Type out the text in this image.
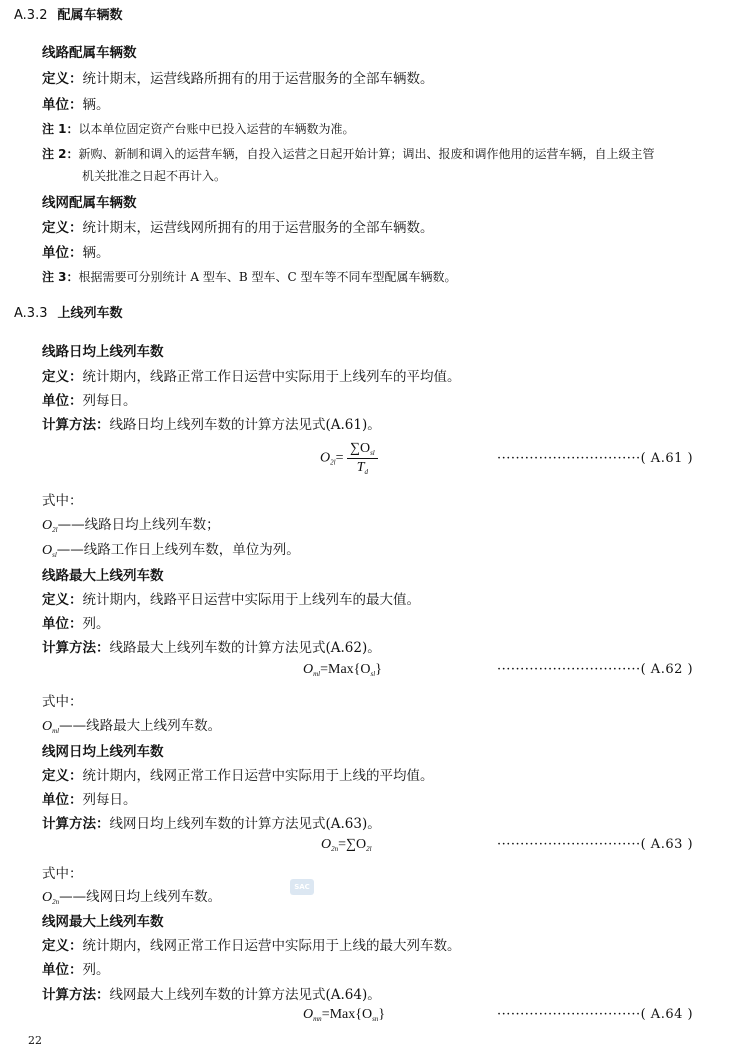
A.3.2 配属车辆数
线路配属车辆数
定义：统计期末，运营线路所拥有的用于运营服务的全部车辆数。
单位：辆。
注 1：以本单位固定资产台账中已投入运营的车辆数为准。
注 2：新购、新制和调入的运营车辆，自投入运营之日起开始计算；调出、报废和调作他用的运营车辆，自上级主管
机关批准之日起不再计入。
线网配属车辆数
定义：统计期末，运营线网所拥有的用于运营服务的全部车辆数。
单位：辆。
注 3：根据需要可分别统计 A 型车、B 型车、C 型车等不同车型配属车辆数。
A.3.3 上线列车数
线路日均上线列车数
定义：统计期内，线路正常工作日运营中实际用于上线列车的平均值。
单位：列每日。
计算方法：线路日均上线列车数的计算方法见式(A.61)。
$O_{2l}= \frac{\sum O_{sl}}{T_d}$	·······························( A.61 )
式中：
$O_{2l}——$线路日均上线列车数；
$O_{sl}——$线路工作日上线列车数，单位为列。
线路最大上线列车数
定义：统计期内，线路平日运营中实际用于上线列车的最大值。
单位：列。
计算方法：线路最大上线列车数的计算方法见式(A.62)。
$O_{ml}=Max\{O_{sl}\}$	·······························( A.62 )
式中：
$O_{ml}——$线路最大上线列车数。
线网日均上线列车数
定义：统计期内，线网正常工作日运营中实际用于上线的平均值。
单位：列每日。
计算方法：线网日均上线列车数的计算方法见式(A.63)。
$O_{2n}=\sum O_{2l}$	·······························( A.63 )
式中：
$O_{2n}——$线网日均上线列车数。
SAC
线网最大上线列车数
定义：统计期内，线网正常工作日运营中实际用于上线的最大列车数。
单位：列。
计算方法：线网最大上线列车数的计算方法见式(A.64)。
$O_{mn}=Max\{O_{sn}\}$	·······························( A.64 )
22
